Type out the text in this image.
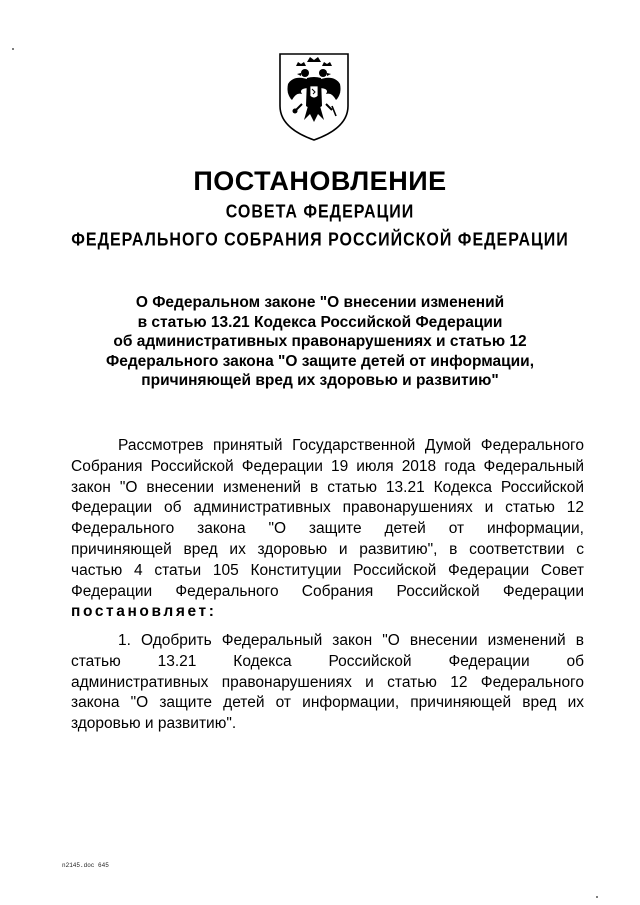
ПОСТАНОВЛЕНИЕ
СОВЕТА ФЕДЕРАЦИИ
ФЕДЕРАЛЬНОГО СОБРАНИЯ РОССИЙСКОЙ ФЕДЕРАЦИИ
О Федеральном законе "О внесении изменений
в статью 13.21 Кодекса Российской Федерации
об административных правонарушениях и статью 12
Федерального закона "О защите детей от информации,
причиняющей вред их здоровью и развитию"
Рассмотрев принятый Государственной Думой Федерального
Собрания Российской Федерации 19 июля 2018 года Федеральный
закон "О внесении изменений в статью 13.21 Кодекса Российской
Федерации об административных правонарушениях и статью 12
Федерального закона "О защите детей от информации,
причиняющей вред их здоровью и развитию", в соответствии с
частью 4 статьи 105 Конституции Российской Федерации Совет
Федерации Федерального Собрания Российской Федерации
постановляет:
1. Одобрить Федеральный закон "О внесении изменений в
статью 13.21 Кодекса Российской Федерации об
административных правонарушениях и статью 12 Федерального
закона "О защите детей от информации, причиняющей вред их
здоровью и развитию".
n2145.doc 645
